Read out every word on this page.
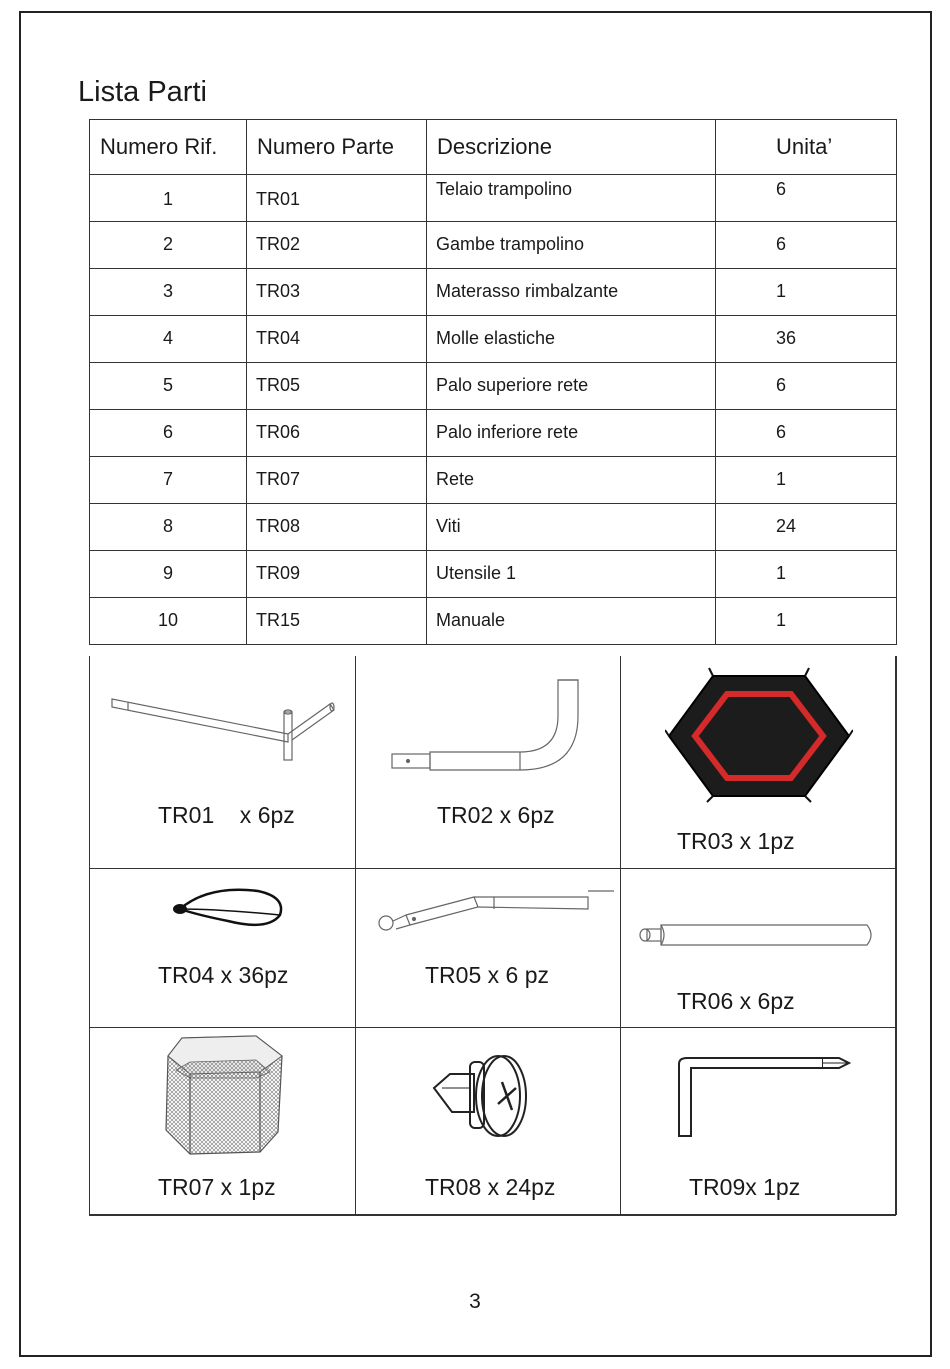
Lista Parti
Numero Rif.	Numero Parte	Descrizione	Unita’
1	TR01	Telaio trampolino	6
2	TR02	Gambe trampolino	6
3	TR03	Materasso rimbalzante	1
4	TR04	Molle elastiche	36
5	TR05	Palo superiore rete	6
6	TR06	Palo inferiore rete	6
7	TR07	Rete	1
8	TR08	Viti	24
9	TR09	Utensile 1	1
10	TR15	Manuale	1
TR01    x 6pz	TR02 x 6pz
TR03 x 1pz
TR04 x 36pz	TR05 x 6 pz
TR06 x 6pz
TR07 x 1pz	TR08 x 24pz	TR09x 1pz
3
